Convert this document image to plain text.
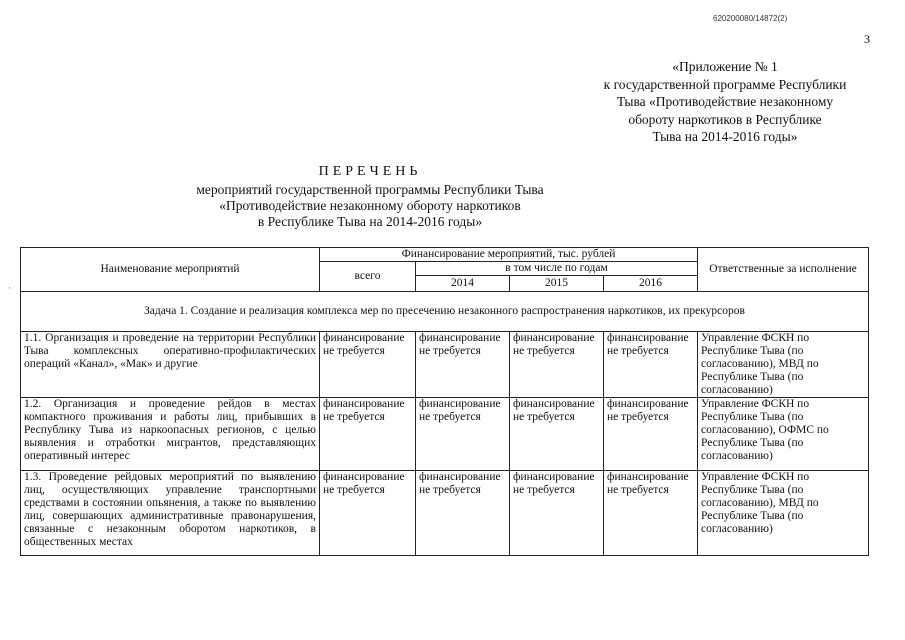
620200080/14872(2)
3
«Приложение № 1
к государственной программе Республики
Тыва «Противодействие незаконному
обороту наркотиков в Республике
Тыва на 2014-2016 годы»
ПЕРЕЧЕНЬ
мероприятий государственной программы Республики Тыва
«Противодействие незаконному обороту наркотиков
в Республике Тыва на 2014-2016 годы»
·
Наименование мероприятий	Финансирование мероприятий, тыс. рублей				Ответственные за исполнение
	всего	в том числе по годам			
		2014	2015	2016	
Задача 1. Создание и реализация комплекса мер по пресечению незаконного распространения наркотиков, их прекурсоров					
1.1. Организация и проведение на территории Республики Тыва комплексных оперативно-профилактических операций «Канал», «Мак» и другие	финансирование не требуется	финансирование не требуется	финансирование не требуется	финансирование не требуется	Управление ФСКН по Республике Тыва (по согласованию), МВД по Республике Тыва (по согласованию)
1.2. Организация и проведение рейдов в местах компактного проживания и работы лиц, прибывших в Республику Тыва из наркоопасных регионов, с целью выявления и отработки мигрантов, представляющих оперативный интерес	финансирование не требуется	финансирование не требуется	финансирование не требуется	финансирование не требуется	Управление ФСКН по Республике Тыва (по согласованию), ОФМС по Республике Тыва (по согласованию)
1.3. Проведение рейдовых мероприятий по выявлению лиц, осуществляющих управление транспортными средствами в состоянии опьянения, а также по выявлению лиц, совершающих административные правонарушения, связанные с незаконным оборотом наркотиков, в общественных местах	финансирование не требуется	финансирование не требуется	финансирование не требуется	финансирование не требуется	Управление ФСКН по Республике Тыва (по согласованию), МВД по Республике Тыва (по согласованию)
